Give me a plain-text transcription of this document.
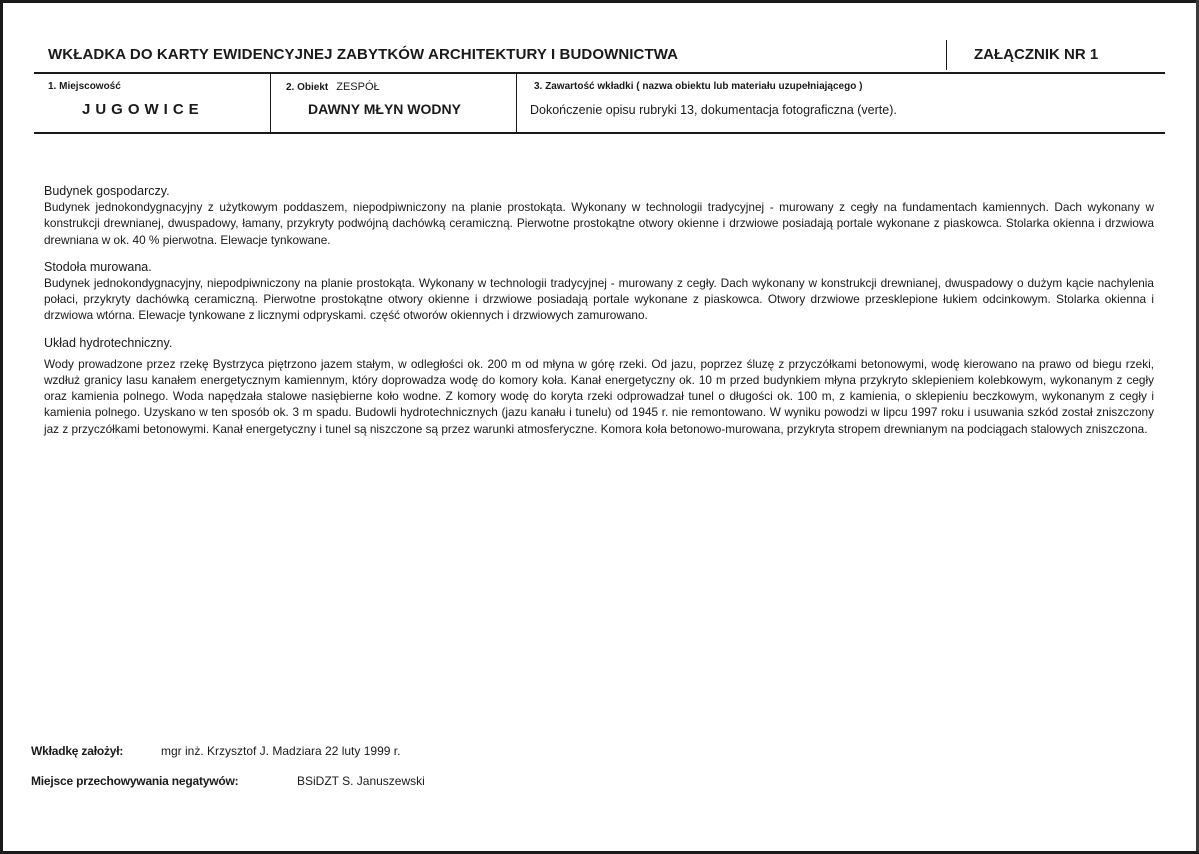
WKŁADKA DO KARTY EWIDENCYJNEJ ZABYTKÓW ARCHITEKTURY I BUDOWNICTWA	ZAŁĄCZNIK NR 1
1. Miejscowość	2. Obiekt ZESPÓŁ	3. Zawartość wkładki ( nazwa obiektu lub materiału uzupełniającego )
JUGOWICE	DAWNY MŁYN WODNY	Dokończenie opisu rubryki 13, dokumentacja fotograficzna (verte).

Budynek gospodarczy.

Budynek jednokondygnacyjny z użytkowym poddaszem, niepodpiwniczony na planie prostokąta. Wykonany w technologii tradycyjnej - murowany z cegły na fundamentach kamiennych. Dach wykonany w konstrukcji drewnianej, dwuspadowy, łamany, przykryty podwójną dachówką ceramiczną. Pierwotne prostokątne otwory okienne i drzwiowe posiadają portale wykonane z piaskowca. Stolarka okienna i drzwiowa drewniana w ok. 40 % pierwotna. Elewacje tynkowane.

Stodoła murowana.

Budynek jednokondygnacyjny, niepodpiwniczony na planie prostokąta. Wykonany w technologii tradycyjnej - murowany z cegły. Dach wykonany w konstrukcji drewnianej, dwuspadowy o dużym kącie nachylenia połaci, przykryty dachówką ceramiczną. Pierwotne prostokątne otwory okienne i drzwiowe posiadają portale wykonane z piaskowca. Otwory drzwiowe przesklepione łukiem odcinkowym. Stolarka okienna i drzwiowa wtórna. Elewacje tynkowane z licznymi odpryskami. część otworów okiennych i drzwiowych zamurowano.

Układ hydrotechniczny.

Wody prowadzone przez rzekę Bystrzyca piętrzono jazem stałym, w odległości ok. 200 m od młyna w górę rzeki. Od jazu, poprzez śluzę z przyczółkami betonowymi, wodę kierowano na prawo od biegu rzeki, wzdłuż granicy lasu kanałem energetycznym kamiennym, który doprowadza wodę do komory koła. Kanał energetyczny ok. 10 m przed budynkiem młyna przykryto sklepieniem kolebkowym, wykonanym z cegły oraz kamienia polnego. Woda napędzała stalowe nasiębierne koło wodne. Z komory wodę do koryta rzeki odprowadzał tunel o długości ok. 100 m, z kamienia, o sklepieniu beczkowym, wykonanym z cegły i kamienia polnego. Uzyskano w ten sposób ok. 3 m spadu. Budowli hydrotechnicznych (jazu kanału i tunelu) od 1945 r. nie remontowano. W wyniku powodzi w lipcu 1997 roku i usuwania szkód został zniszczony jaz z przyczółkami betonowymi. Kanał energetyczny i tunel są niszczone są przez warunki atmosferyczne. Komora koła betonowo-murowana, przykryta stropem drewnianym na podciągach stalowych zniszczona.

Wkładkę założył:	mgr inż. Krzysztof J. Madziara 22 luty 1999 r.
Miejsce przechowywania negatywów:	BSiDZT S. Januszewski
